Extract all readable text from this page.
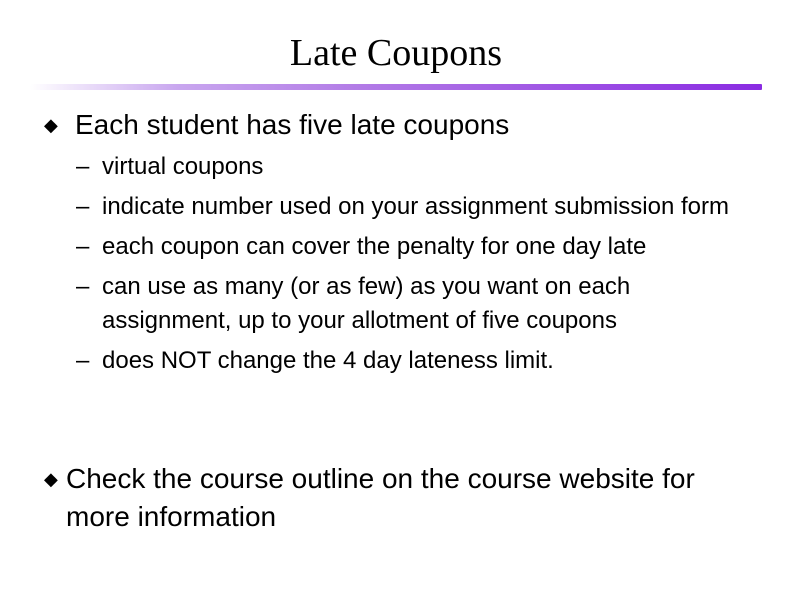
Late Coupons
◆ Each student has five late coupons
– virtual coupons
– indicate number used on your assignment submission form
– each coupon can cover the penalty for one day late
– can use as many (or as few) as you want on each assignment, up to your allotment of five coupons
– does NOT change the 4 day lateness limit.
◆ Check the course outline on the course website for more information
